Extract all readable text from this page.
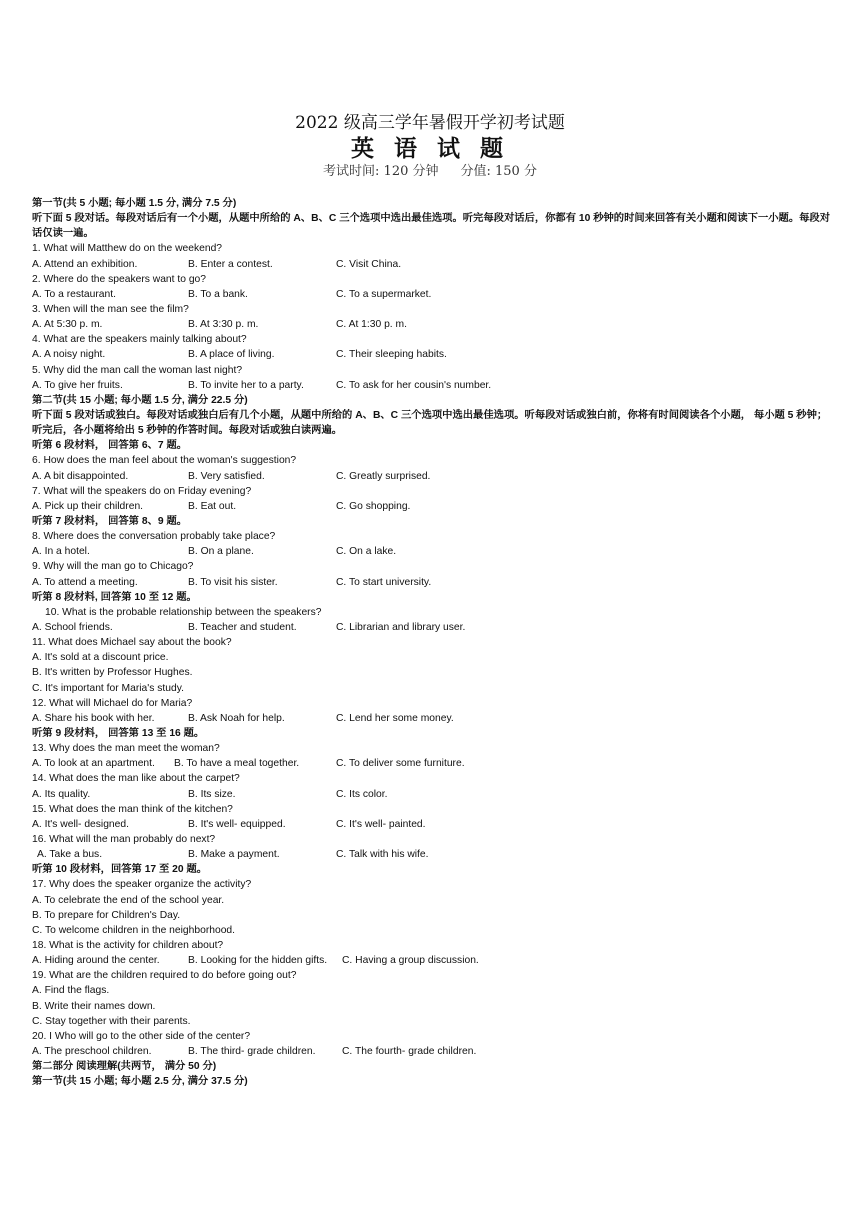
2022 级高三学年暑假开学初考试题
英 语 试 题
考试时间: 120 分钟 分值: 150 分
第一节(共 5 小题; 每小题 1.5 分, 满分 7.5 分)
听下面 5 段对话。每段对话后有一个小题，从题中所给的 A、B、C 三个选项中选出最佳选项。听完每段对话后，你都有 10 秒钟的时间来回答有关小题和阅读下一小题。每段对话仅读一遍。
1. What will Matthew do on the weekend?
A. Attend an exhibition.	B. Enter a contest.	C. Visit China.
2. Where do the speakers want to go?
A. To a restaurant.	B. To a bank.	C. To a supermarket.
3. When will the man see the film?
A. At 5:30 p. m.	B. At 3:30 p. m.	C. At 1:30 p. m.
4. What are the speakers mainly talking about?
A. A noisy night.	B. A place of living.	C. Their sleeping habits.
5. Why did the man call the woman last night?
A. To give her fruits.	B. To invite her to a party.	C. To ask for her cousin's number.
第二节(共 15 小题; 每小题 1.5 分, 满分 22.5 分)
听下面 5 段对话或独白。每段对话或独白后有几个小题，从题中所给的 A、B、C 三个选项中选出最佳选项。听每段对话或独白前，你将有时间阅读各个小题， 每小题 5 秒钟； 听完后，各小题将给出 5 秒钟的作答时间。每段对话或独白读两遍。
听第 6 段材料， 回答第 6、7 题。
6. How does the man feel about the woman's suggestion?
A. A bit disappointed.	B. Very satisfied.	C. Greatly surprised.
7. What will the speakers do on Friday evening?
A. Pick up their children.	B. Eat out.	C. Go shopping.
听第 7 段材料， 回答第 8、9 题。
8. Where does the conversation probably take place?
A. In a hotel.	B. On a plane.	C. On a lake.
9. Why will the man go to Chicago?
A. To attend a meeting.	B. To visit his sister.	C. To start university.
听第 8 段材料, 回答第 10 至 12 题。
10. What is the probable relationship between the speakers?
A. School friends.	B. Teacher and student.	C. Librarian and library user.
11. What does Michael say about the book?
A. It's sold at a discount price.
B. It's written by Professor Hughes.
C. It's important for Maria's study.
12. What will Michael do for Maria?
A. Share his book with her.	B. Ask Noah for help.	C. Lend her some money.
听第 9 段材料， 回答第 13 至 16 题。
13. Why does the man meet the woman?
A. To look at an apartment. B. To have a meal together.	C. To deliver some furniture.
14. What does the man like about the carpet?
A. Its quality.	B. Its size.	C. Its color.
15. What does the man think of the kitchen?
A. It's well- designed.	B. It's well- equipped.	C. It's well- painted.
16. What will the man probably do next?
A. Take a bus.	B. Make a payment.	C. Talk with his wife.
听第 10 段材料，回答第 17 至 20 题。
17. Why does the speaker organize the activity?
A. To celebrate the end of the school year.
B. To prepare for Children's Day.
C. To welcome children in the neighborhood.
18. What is the activity for children about?
A. Hiding around the center.	B. Looking for the hidden gifts. C. Having a group discussion.
19. What are the children required to do before going out?
A. Find the flags.
B. Write their names down.
C. Stay together with their parents.
20. I Who will go to the other side of the center?
A. The preschool children.	B. The third- grade children.	C. The fourth- grade children.
第二部分 阅读理解(共两节， 满分 50 分)
第一节(共 15 小题; 每小题 2.5 分, 满分 37.5 分)
